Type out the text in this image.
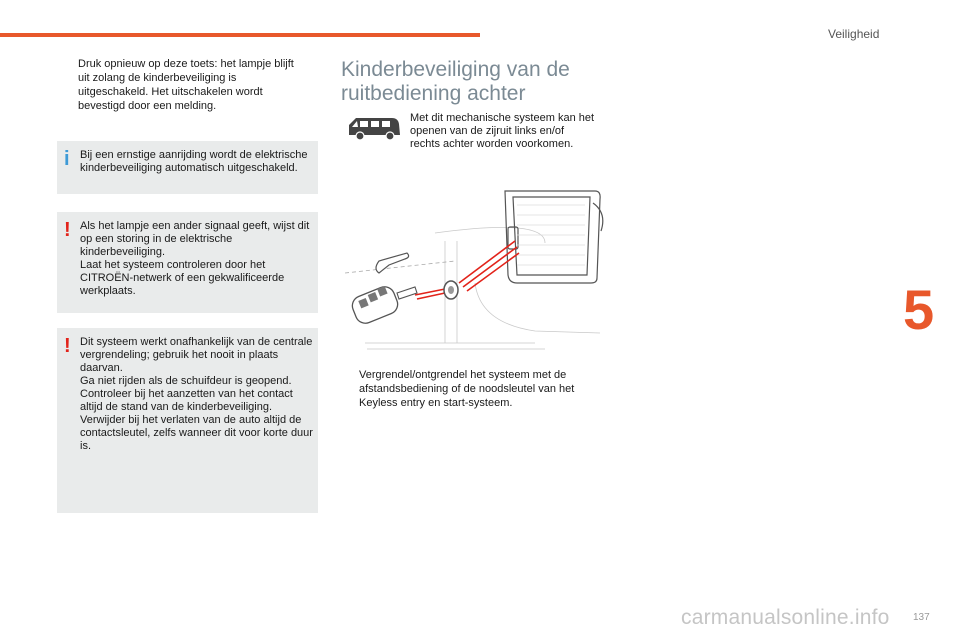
Veiligheid
5
Druk opnieuw op deze toets: het lampje blijft uit zolang de kinderbeveiliging is uitgeschakeld. Het uitschakelen wordt bevestigd door een melding.
i Bij een ernstige aanrijding wordt de elektrische kinderbeveiliging automatisch uitgeschakeld.
! Als het lampje een ander signaal geeft, wijst dit op een storing in de elektrische kinderbeveiliging.
Laat het systeem controleren door het CITROËN-netwerk of een gekwalificeerde werkplaats.
! Dit systeem werkt onafhankelijk van de centrale vergrendeling; gebruik het nooit in plaats daarvan.
Ga niet rijden als de schuifdeur is geopend.
Controleer bij het aanzetten van het contact altijd de stand van de kinderbeveiliging.
Verwijder bij het verlaten van de auto altijd de contactsleutel, zelfs wanneer dit voor korte duur is.
Kinderbeveiliging van de ruitbediening achter
Met dit mechanische systeem kan het openen van de zijruit links en/of rechts achter worden voorkomen.
Vergrendel/ontgrendel het systeem met de afstandsbediening of de noodsleutel van het Keyless entry en start-systeem.
137
carmanualsonline.info
